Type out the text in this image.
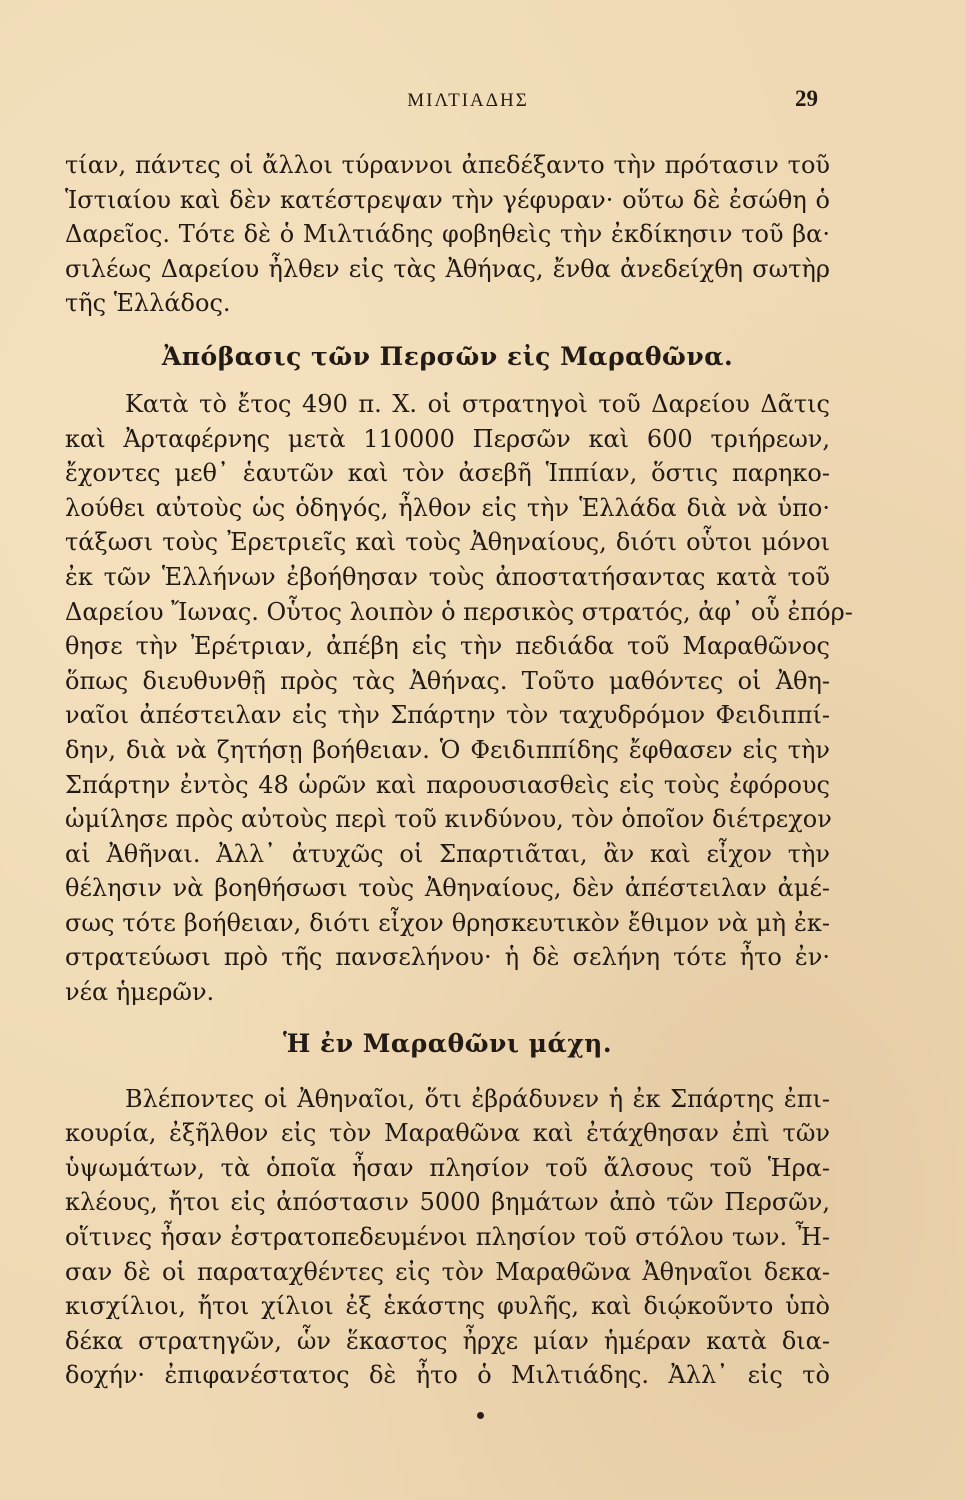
ΜΙΛΤΙΑΔΗΣ	29
τίαν, πάντες οἱ ἄλλοι τύραννοι ἀπεδέξαντο τὴν πρότασιν τοῦ
Ἱστιαίου καὶ δὲν κατέστρεψαν τὴν γέφυραν· οὕτω δὲ ἐσώθη ὁ
Δαρεῖος. Τότε δὲ ὁ Μιλτιάδης φοβηθεὶς τὴν ἐκδίκησιν τοῦ βα·
σιλέως Δαρείου ἦλθεν εἰς τὰς Ἀθήνας, ἔνθα ἀνεδείχθη σωτὴρ
τῆς Ἑλλάδος.
Ἀπόβασις τῶν Περσῶν εἰς Μαραθῶνα.
Κατὰ τὸ ἔτος 490 π. Χ. οἱ στρατηγοὶ τοῦ Δαρείου Δᾶτις
καὶ Ἀρταφέρνης μετὰ 110000 Περσῶν καὶ 600 τριήρεων,
ἔχοντες μεθ᾽ ἑαυτῶν καὶ τὸν ἀσεβῆ Ἱππίαν, ὅστις παρηκο-
λούθει αὐτοὺς ὡς ὁδηγός, ἦλθον εἰς τὴν Ἑλλάδα διὰ νὰ ὑπο·
τάξωσι τοὺς Ἐρετριεῖς καὶ τοὺς Ἀθηναίους, διότι οὗτοι μόνοι
ἐκ τῶν Ἑλλήνων ἐβοήθησαν τοὺς ἀποστατήσαντας κατὰ τοῦ
Δαρείου Ἴωνας. Οὗτος λοιπὸν ὁ περσικὸς στρατός, ἀφ᾽ οὗ ἐπόρ-
θησε τὴν Ἐρέτριαν, ἀπέβη εἰς τὴν πεδιάδα τοῦ Μαραθῶνος
ὅπως διευθυνθῇ πρὸς τὰς Ἀθήνας. Τοῦτο μαθόντες οἱ Ἀθη-
ναῖοι ἀπέστειλαν εἰς τὴν Σπάρτην τὸν ταχυδρόμον Φειδιππί-
δην, διὰ νὰ ζητήσῃ βοήθειαν. Ὁ Φειδιππίδης ἔφθασεν εἰς τὴν
Σπάρτην ἐντὸς 48 ὡρῶν καὶ παρουσιασθεὶς εἰς τοὺς ἐφόρους
ὡμίλησε πρὸς αὐτοὺς περὶ τοῦ κινδύνου, τὸν ὁποῖον διέτρεχον
αἱ Ἀθῆναι. Ἀλλ᾽ ἀτυχῶς οἱ Σπαρτιᾶται, ἂν καὶ εἶχον τὴν
θέλησιν νὰ βοηθήσωσι τοὺς Ἀθηναίους, δὲν ἀπέστειλαν ἀμέ-
σως τότε βοήθειαν, διότι εἶχον θρησκευτικὸν ἔθιμον νὰ μὴ ἐκ-
στρατεύωσι πρὸ τῆς πανσελήνου· ἡ δὲ σελήνη τότε ἦτο ἐν·
νέα ἡμερῶν.
Ἡ ἐν Μαραθῶνι μάχη.
Βλέποντες οἱ Ἀθηναῖοι, ὅτι ἐβράδυνεν ἡ ἐκ Σπάρτης ἐπι-
κουρία, ἐξῆλθον εἰς τὸν Μαραθῶνα καὶ ἐτάχθησαν ἐπὶ τῶν
ὑψωμάτων, τὰ ὁποῖα ἦσαν πλησίον τοῦ ἄλσους τοῦ Ἡρα-
κλέους, ἤτοι εἰς ἀπόστασιν 5000 βημάτων ἀπὸ τῶν Περσῶν,
οἵτινες ἦσαν ἐστρατοπεδευμένοι πλησίον τοῦ στόλου των. Ἦ-
σαν δὲ οἱ παραταχθέντες εἰς τὸν Μαραθῶνα Ἀθηναῖοι δεκα-
κισχίλιοι, ἤτοι χίλιοι ἐξ ἑκάστης φυλῆς, καὶ διῴκοῦντο ὑπὸ
δέκα στρατηγῶν, ὧν ἕκαστος ἦρχε μίαν ἡμέραν κατὰ δια-
δοχήν· ἐπιφανέστατος δὲ ἦτο ὁ Μιλτιάδης. Ἀλλ᾽ εἰς τὸ
